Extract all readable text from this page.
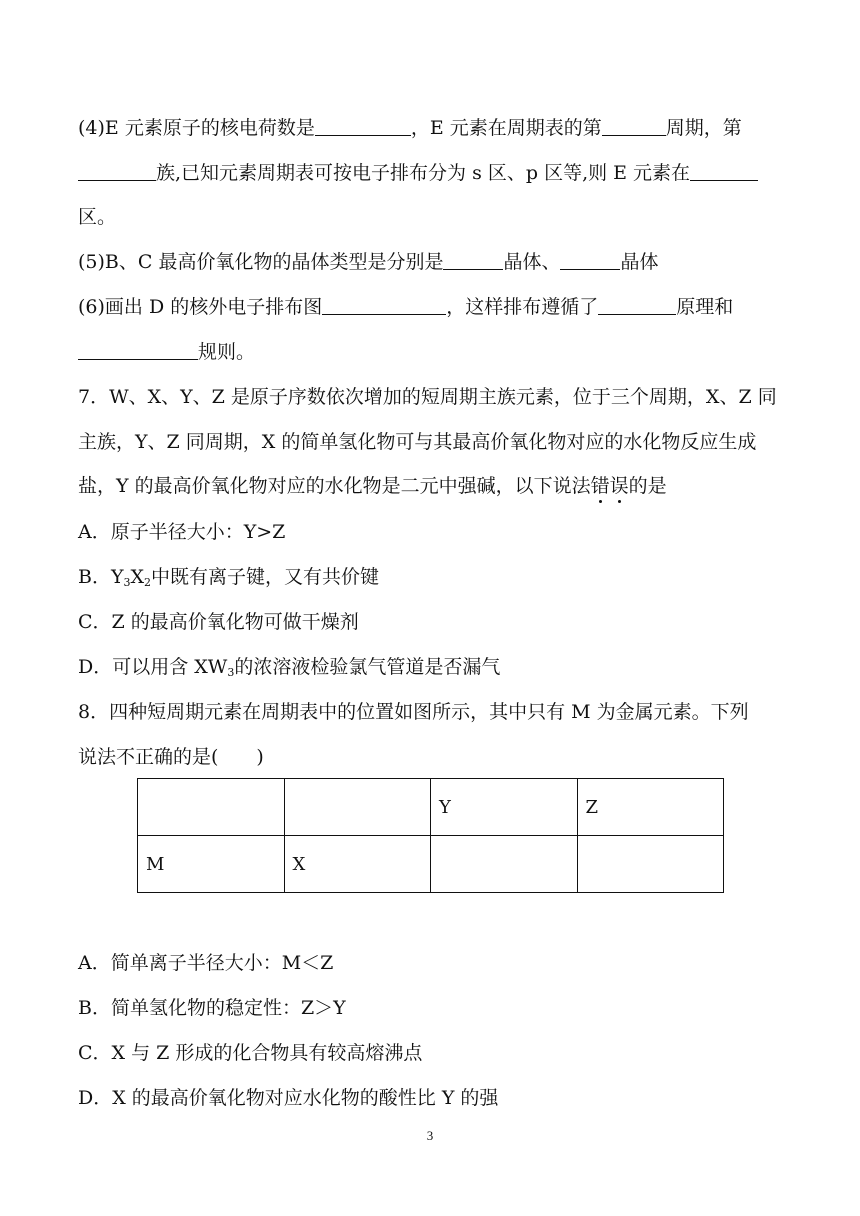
(4)E 元素原子的核电荷数是	，E 元素在周期表的第	周期，第
族,已知元素周期表可按电子排布分为 s 区、p 区等,则 E 元素在
区。
(5)B、C 最高价氧化物的晶体类型是分别是	晶体、	晶体
(6)画出 D 的核外电子排布图	，这样排布遵循了	原理和
规则。
7．W、X、Y、Z 是原子序数依次增加的短周期主族元素，位于三个周期，X、Z 同
主族，Y、Z 同周期，X 的简单氢化物可与其最高价氧化物对应的水化物反应生成
盐，Y 的最高价氧化物对应的水化物是二元中强碱，以下说法错误的是
A．原子半径大小：Y>Z
B．$Y_3X_2$中既有离子键，又有共价键
C．Z 的最高价氧化物可做干燥剂
D．可以用含 $XW_3$的浓溶液检验氯气管道是否漏气
8．四种短周期元素在周期表中的位置如图所示，其中只有 M 为金属元素。下列
说法不正确的是(　　)
		Y	Z
M	X		
A．简单离子半径大小：M＜Z
B．简单氢化物的稳定性：Z＞Y
C．X 与 Z 形成的化合物具有较高熔沸点
D．X 的最高价氧化物对应水化物的酸性比 Y 的强
3
